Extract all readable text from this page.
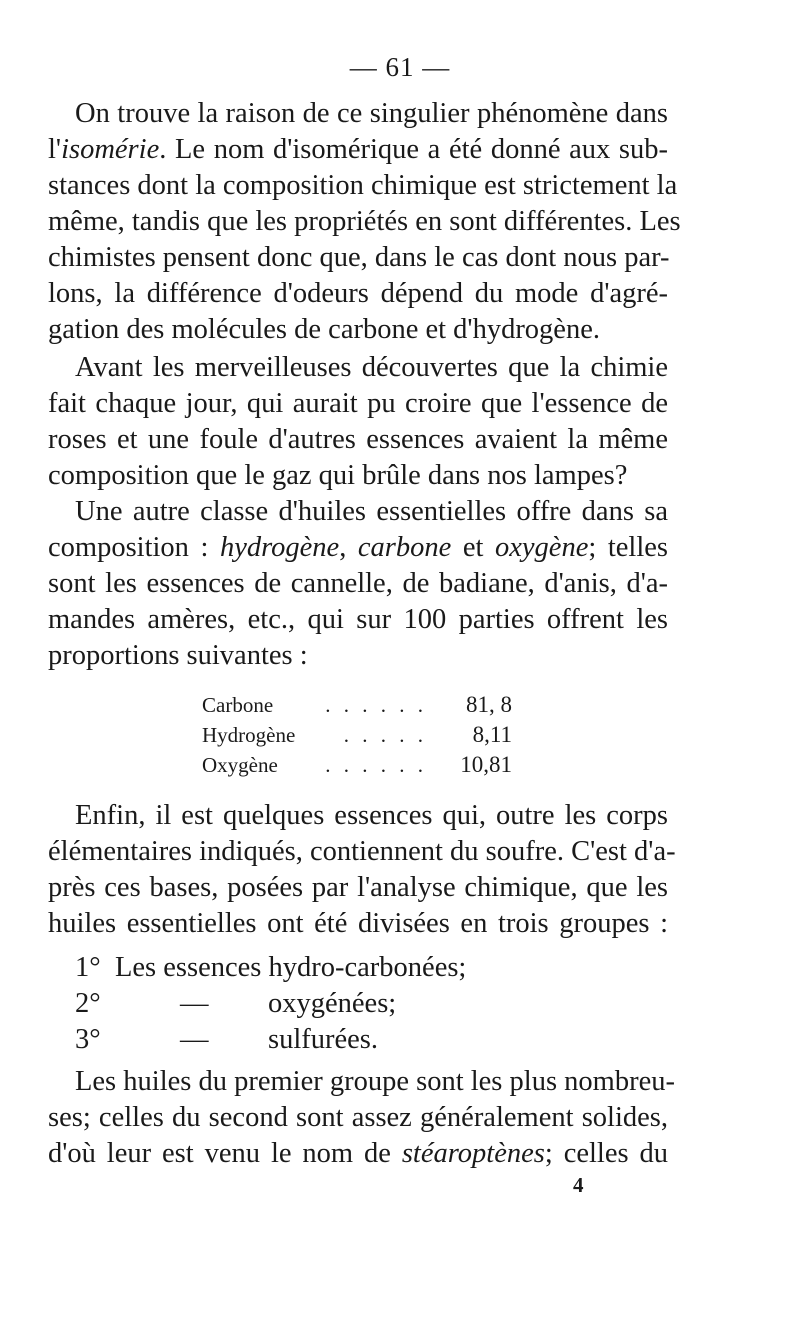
— 61 —
On trouve la raison de ce singulier phénomène dans
l'isomérie. Le nom d'isomérique a été donné aux sub-
stances dont la composition chimique est strictement la
même, tandis que les propriétés en sont différentes. Les
chimistes pensent donc que, dans le cas dont nous par-
lons, la différence d'odeurs dépend du mode d'agré-
gation des molécules de carbone et d'hydrogène.
Avant les merveilleuses découvertes que la chimie
fait chaque jour, qui aurait pu croire que l'essence de
roses et une foule d'autres essences avaient la même
composition que le gaz qui brûle dans nos lampes?
Une autre classe d'huiles essentielles offre dans sa
composition : hydrogène, carbone et oxygène; telles
sont les essences de cannelle, de badiane, d'anis, d'a-
mandes amères, etc., qui sur 100 parties offrent les
proportions suivantes :
Carbone	. . . . . . 81, 8
Hydrogène	. . . . . 8,11
Oxygène	. . . . . . 10,81
Enfin, il est quelques essences qui, outre les corps
élémentaires indiqués, contiennent du soufre. C'est d'a-
près ces bases, posées par l'analyse chimique, que les
huiles essentielles ont été divisées en trois groupes :
1° Les essences hydro-carbonées;
2°	— oxygénées;
3°	— sulfurées.
Les huiles du premier groupe sont les plus nombreu-
ses; celles du second sont assez généralement solides,
d'où leur est venu le nom de stéaroptènes; celles du
4
